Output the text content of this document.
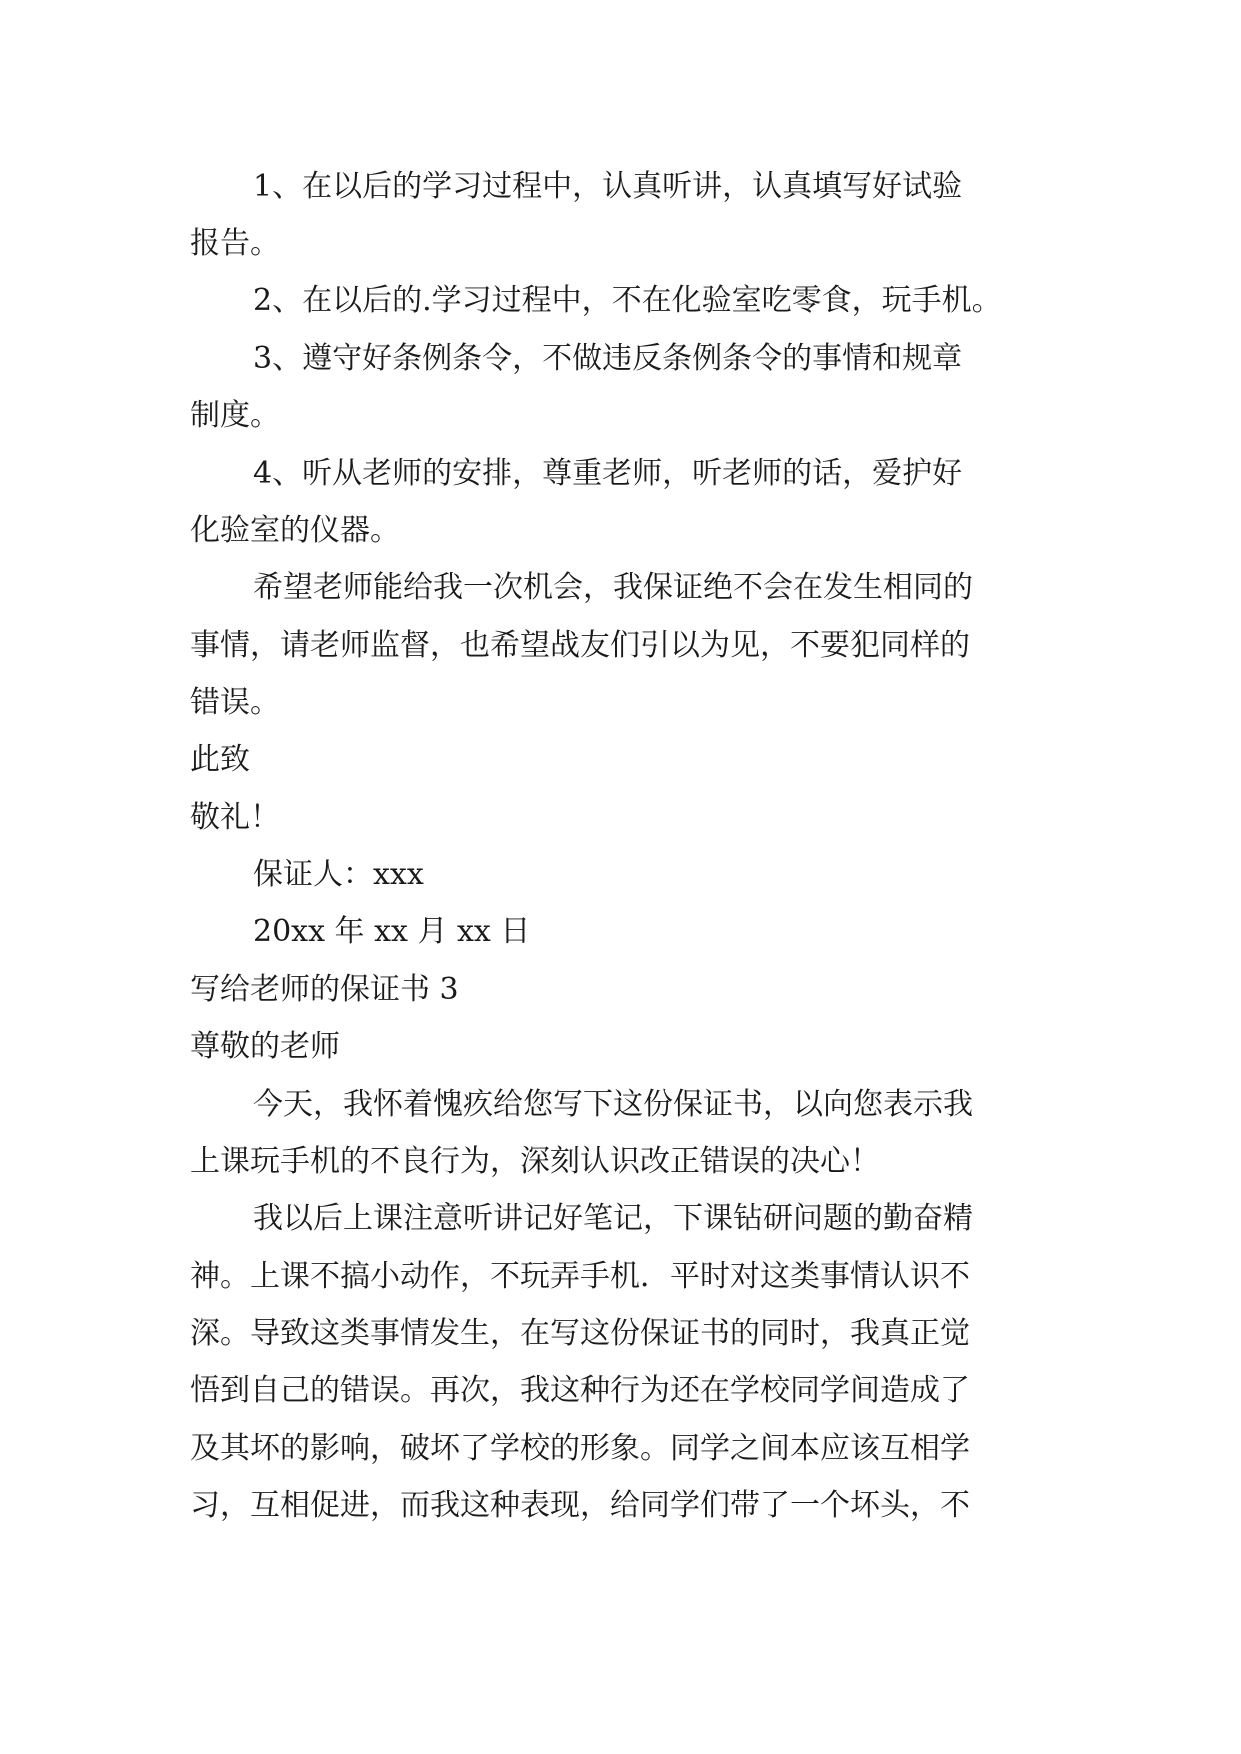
1、在以后的学习过程中，认真听讲，认真填写好试验

报告。

2、在以后的.学习过程中，不在化验室吃零食，玩手机。

3、遵守好条例条令，不做违反条例条令的事情和规章

制度。

4、听从老师的安排，尊重老师，听老师的话，爱护好

化验室的仪器。

希望老师能给我一次机会，我保证绝不会在发生相同的

事情，请老师监督，也希望战友们引以为见，不要犯同样的

错误。

此致

敬礼！

保证人：xxx

20xx 年 xx 月 xx 日

写给老师的保证书 3

尊敬的老师

今天，我怀着愧疚给您写下这份保证书，以向您表示我

上课玩手机的不良行为，深刻认识改正错误的决心！

我以后上课注意听讲记好笔记，下课钻研问题的勤奋精

神。上课不搞小动作，不玩弄手机．平时对这类事情认识不

深。导致这类事情发生，在写这份保证书的同时，我真正觉

悟到自己的错误。再次，我这种行为还在学校同学间造成了

及其坏的影响，破坏了学校的形象。同学之间本应该互相学

习，互相促进，而我这种表现，给同学们带了一个坏头，不
